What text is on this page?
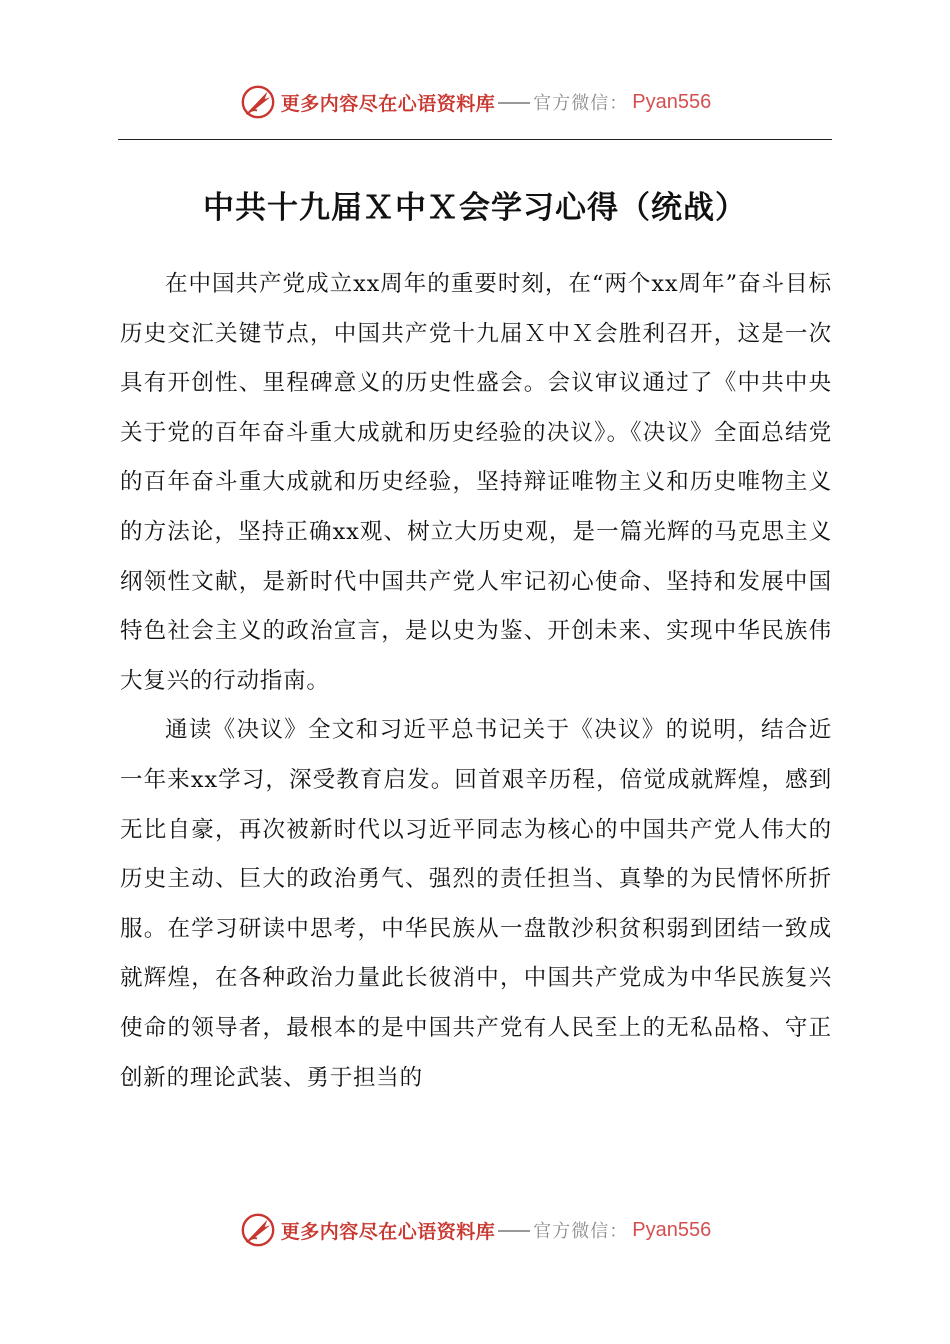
更多内容尽在心语资料库 官方微信： Pyan556
中共十九届Ｘ中Ｘ会学习心得（统战）

在中国共产党成立xx周年的重要时刻，在“两个xx周年”奋斗目标历史交汇关键节点，中国共产党十九届Ｘ中Ｘ会胜利召开，这是一次具有开创性、里程碑意义的历史性盛会。会议审议通过了《中共中央关于党的百年奋斗重大成就和历史经验的决议》。《决议》全面总结党的百年奋斗重大成就和历史经验，坚持辩证唯物主义和历史唯物主义的方法论，坚持正确xx观、树立大历史观，是一篇光辉的马克思主义纲领性文献，是新时代中国共产党人牢记初心使命、坚持和发展中国特色社会主义的政治宣言，是以史为鉴、开创未来、实现中华民族伟大复兴的行动指南。

通读《决议》全文和习近平总书记关于《决议》的说明，结合近一年来xx学习，深受教育启发。回首艰辛历程，倍觉成就辉煌，感到无比自豪，再次被新时代以习近平同志为核心的中国共产党人伟大的历史主动、巨大的政治勇气、强烈的责任担当、真挚的为民情怀所折服。在学习研读中思考，中华民族从一盘散沙积贫积弱到团结一致成就辉煌，在各种政治力量此长彼消中，中国共产党成为中华民族复兴使命的领导者，最根本的是中国共产党有人民至上的无私品格、守正创新的理论武装、勇于担当的

更多内容尽在心语资料库 官方微信： Pyan556
